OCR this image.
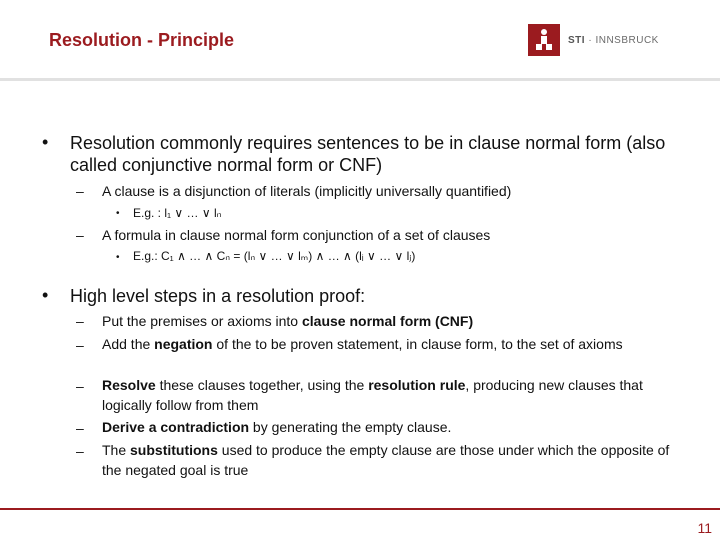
Resolution - Principle	STI · INNSBRUCK
• Resolution commonly requires sentences to be in clause normal form (also called conjunctive normal form or CNF)
– A clause is a disjunction of literals (implicitly universally quantified)
• E.g. : l₁ ∨ … ∨ lₙ
– A formula in clause normal form conjunction of a set of clauses
• E.g.: C₁ ∧ … ∧ Cₙ = (lₙ ∨ … ∨ lₘ) ∧ … ∧ (lᵢ ∨ … ∨ lⱼ)
• High level steps in a resolution proof:
– Put the premises or axioms into clause normal form (CNF)
– Add the negation of the to be proven statement, in clause form, to the set of axioms
– Resolve these clauses together, using the resolution rule, producing new clauses that logically follow from them
– Derive a contradiction by generating the empty clause.
– The substitutions used to produce the empty clause are those under which the opposite of the negated goal is true
11
